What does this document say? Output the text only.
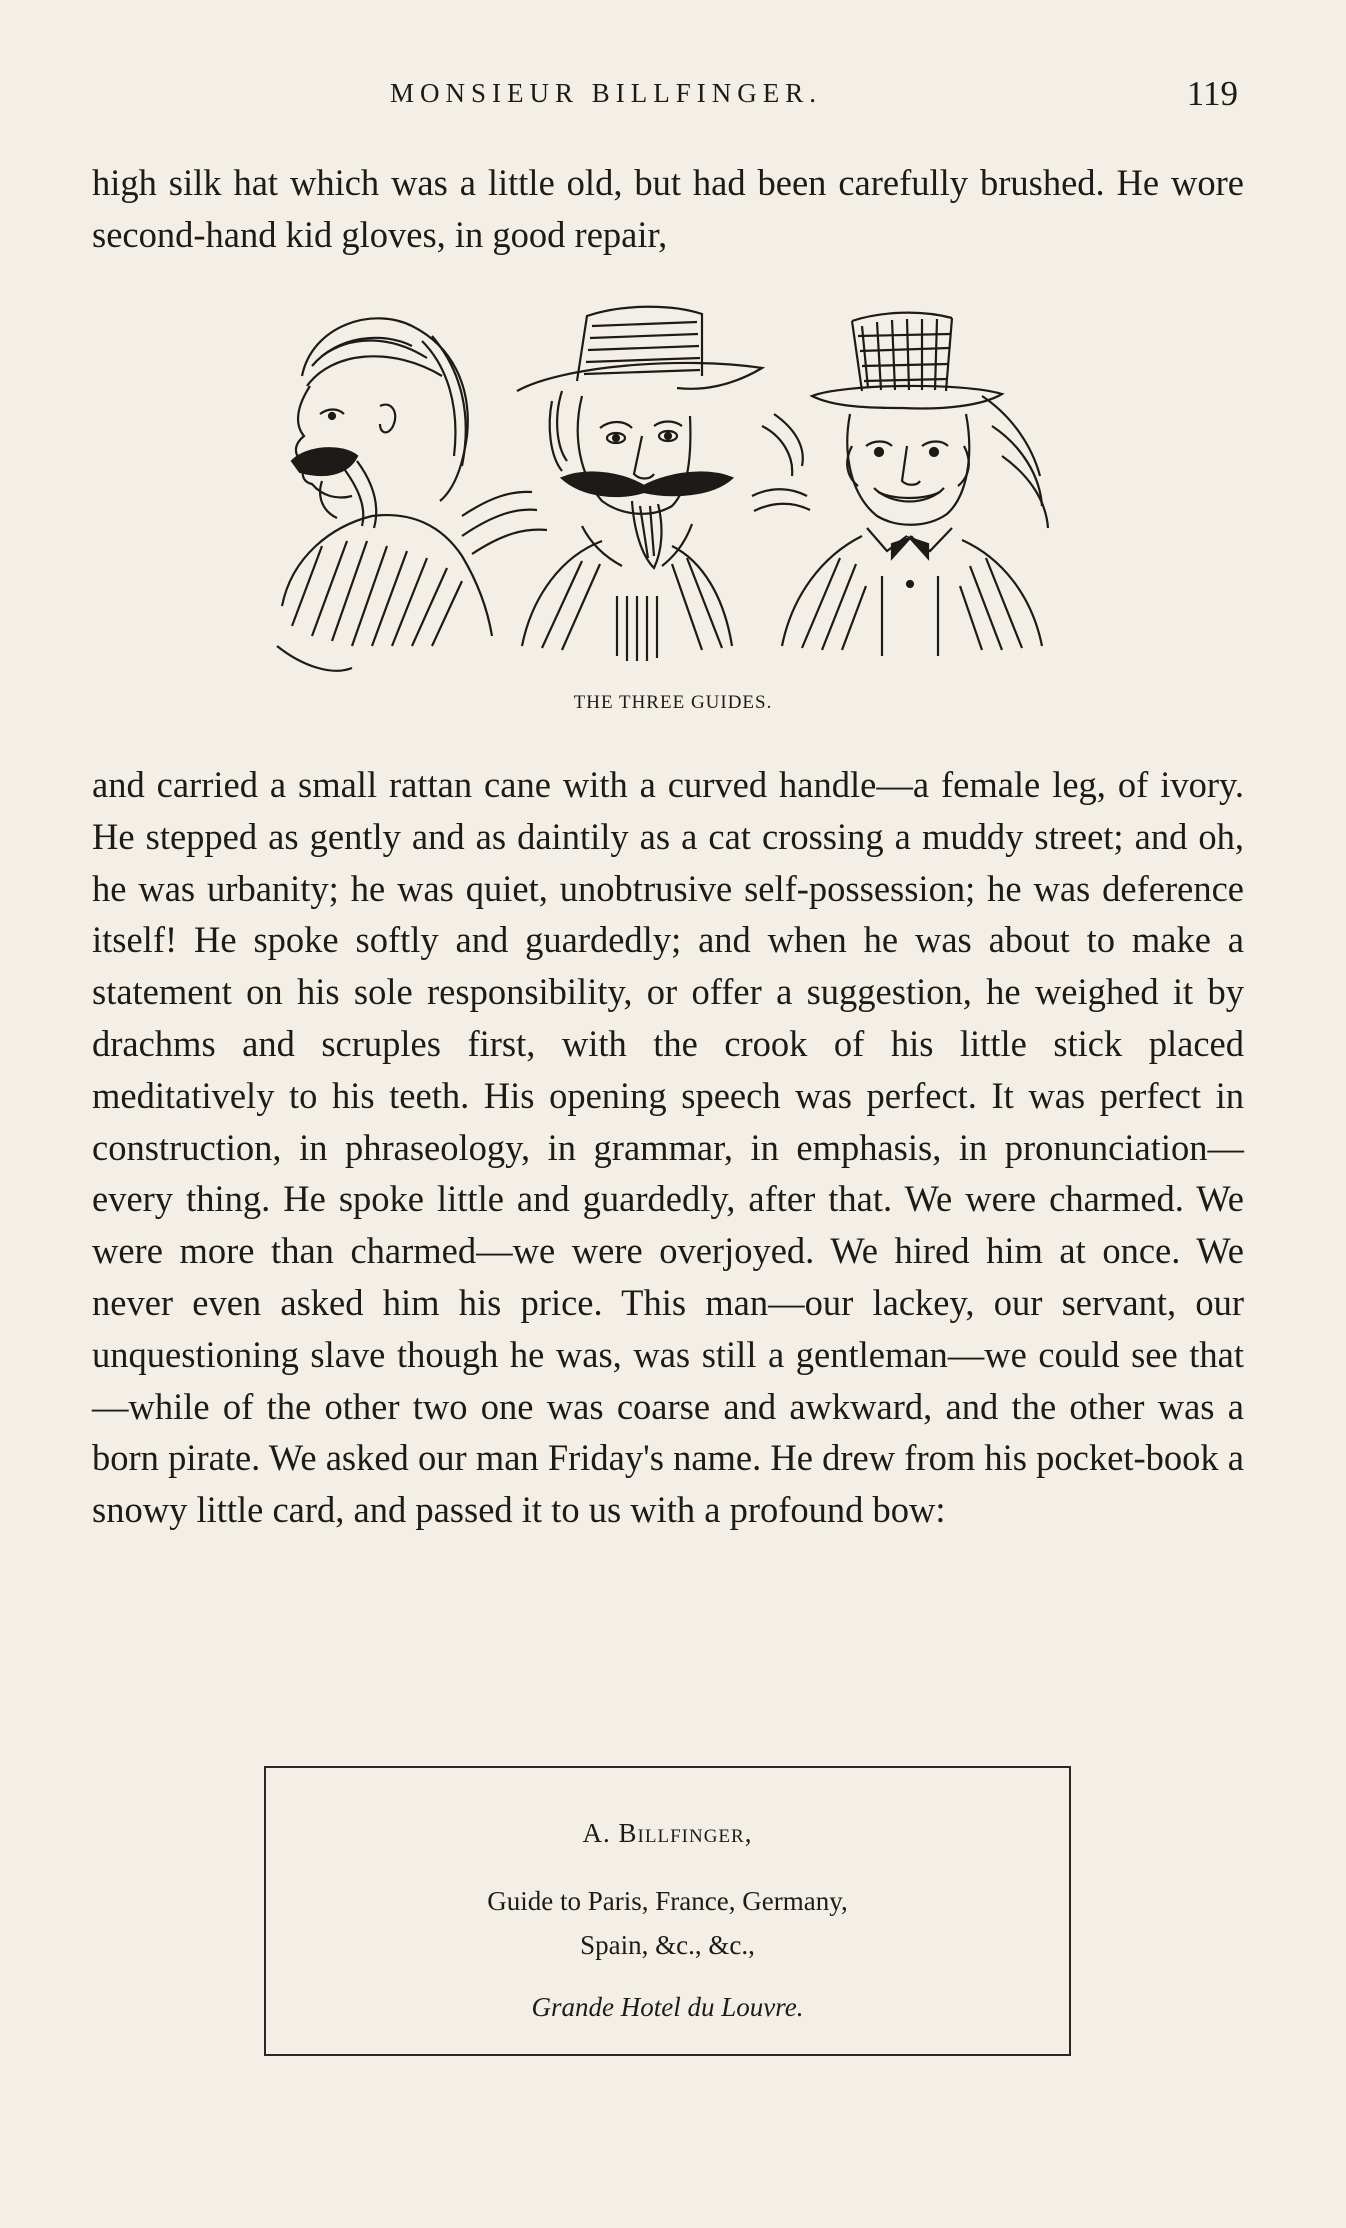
MONSIEUR BILLFINGER.	119

high silk hat which was a little old, but had been carefully brushed. He wore second-hand kid gloves, in good repair,

THE THREE GUIDES.

and carried a small rattan cane with a curved handle—a female leg, of ivory. He stepped as gently and as daintily as a cat crossing a muddy street; and oh, he was urbanity; he was quiet, unobtrusive self-possession; he was deference itself! He spoke softly and guardedly; and when he was about to make a statement on his sole responsibility, or offer a suggestion, he weighed it by drachms and scruples first, with the crook of his little stick placed meditatively to his teeth. His opening speech was perfect. It was perfect in construction, in phraseology, in grammar, in emphasis, in pronunciation—every thing. He spoke little and guardedly, after that. We were charmed. We were more than charmed—we were overjoyed. We hired him at once. We never even asked him his price. This man—our lackey, our servant, our unquestioning slave though he was, was still a gentleman—we could see that —while of the other two one was coarse and awkward, and the other was a born pirate. We asked our man Friday's name. He drew from his pocket-book a snowy little card, and passed it to us with a profound bow:

A. Billfinger,
Guide to Paris, France, Germany,
Spain, &c., &c.,
Grande Hotel du Louvre.
